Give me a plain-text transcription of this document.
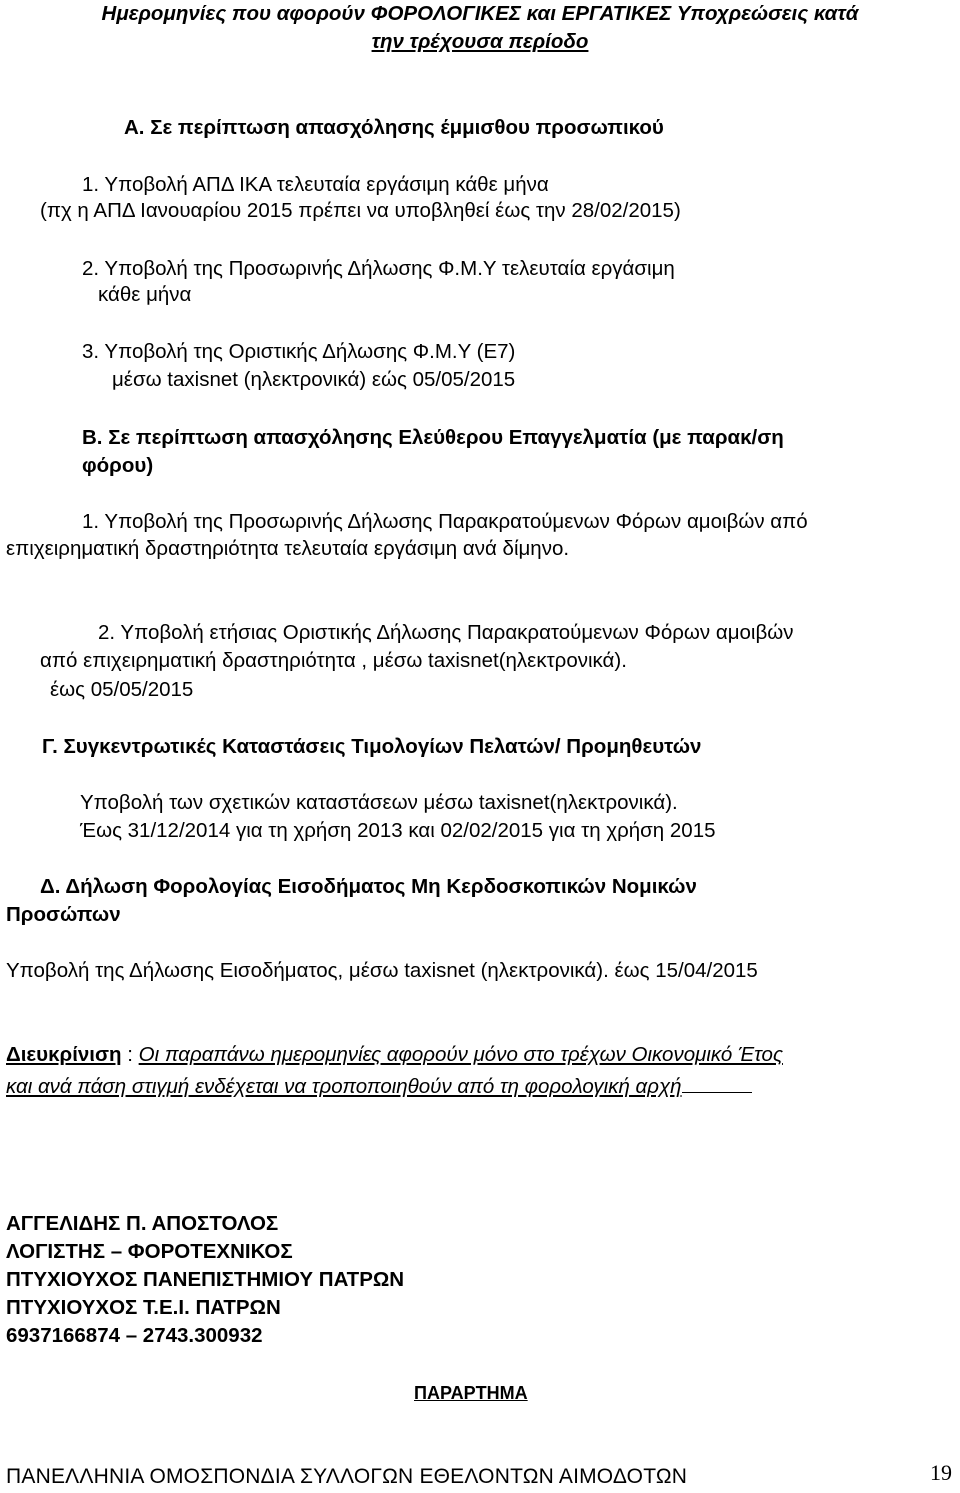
Ημερομηνίες που αφορούν ΦΟΡΟΛΟΓΙΚΕΣ και ΕΡΓΑΤΙΚΕΣ Υποχρεώσεις κατά

την τρέχουσα περίοδο

Α. Σε περίπτωση απασχόλησης έμμισθου προσωπικού

1. Υποβολή ΑΠΔ ΙΚΑ τελευταία εργάσιμη κάθε μήνα

(πχ η ΑΠΔ Ιανουαρίου 2015 πρέπει να υποβληθεί έως την 28/02/2015)

2. Υποβολή της Προσωρινής Δήλωσης Φ.Μ.Υ τελευταία εργάσιμη

κάθε μήνα

3. Υποβολή της Οριστικής Δήλωσης Φ.Μ.Υ (Ε7)

μέσω taxisnet (ηλεκτρονικά) εώς 05/05/2015

Β. Σε περίπτωση απασχόλησης Ελεύθερου Επαγγελματία (με παρακ/ση

φόρου)

1. Υποβολή της Προσωρινής Δήλωσης Παρακρατούμενων Φόρων αμοιβών από

επιχειρηματική δραστηριότητα τελευταία εργάσιμη ανά δίμηνο.

2. Υποβολή ετήσιας Οριστικής Δήλωσης Παρακρατούμενων Φόρων αμοιβών

από επιχειρηματική δραστηριότητα , μέσω taxisnet(ηλεκτρονικά).

έως 05/05/2015

Γ. Συγκεντρωτικές Καταστάσεις Τιμολογίων Πελατών/ Προμηθευτών

Υποβολή των σχετικών καταστάσεων μέσω taxisnet(ηλεκτρονικά).

Έως 31/12/2014 για τη χρήση 2013 και 02/02/2015 για τη χρήση 2015

Δ. Δήλωση Φορολογίας Εισοδήματος Μη Κερδοσκοπικών Νομικών

Προσώπων

Υποβολή της Δήλωσης Εισοδήματος, μέσω taxisnet (ηλεκτρονικά). έως 15/04/2015

Διευκρίνιση : Οι παραπάνω ημερομηνίες αφορούν μόνο στο τρέχων Οικονομικό Έτος

και ανά πάση στιγμή ενδέχεται να τροποποιηθούν από τη φορολογική αρχή

ΑΓΓΕΛΙΔΗΣ Π. ΑΠΟΣΤΟΛΟΣ

ΛΟΓΙΣΤΗΣ – ΦΟΡΟΤΕΧΝΙΚΟΣ

ΠΤΥΧΙΟΥΧΟΣ ΠΑΝΕΠΙΣΤΗΜΙΟΥ ΠΑΤΡΩΝ

ΠΤΥΧΙΟΥΧΟΣ Τ.Ε.Ι. ΠΑΤΡΩΝ

6937166874 – 2743.300932

ΠΑΡΑΡΤΗΜΑ

ΠΑΝΕΛΛΗΝΙΑ ΟΜΟΣΠΟΝΔΙΑ ΣΥΛΛΟΓΩΝ ΕΘΕΛΟΝΤΩΝ ΑΙΜΟΔΟΤΩΝ	19
